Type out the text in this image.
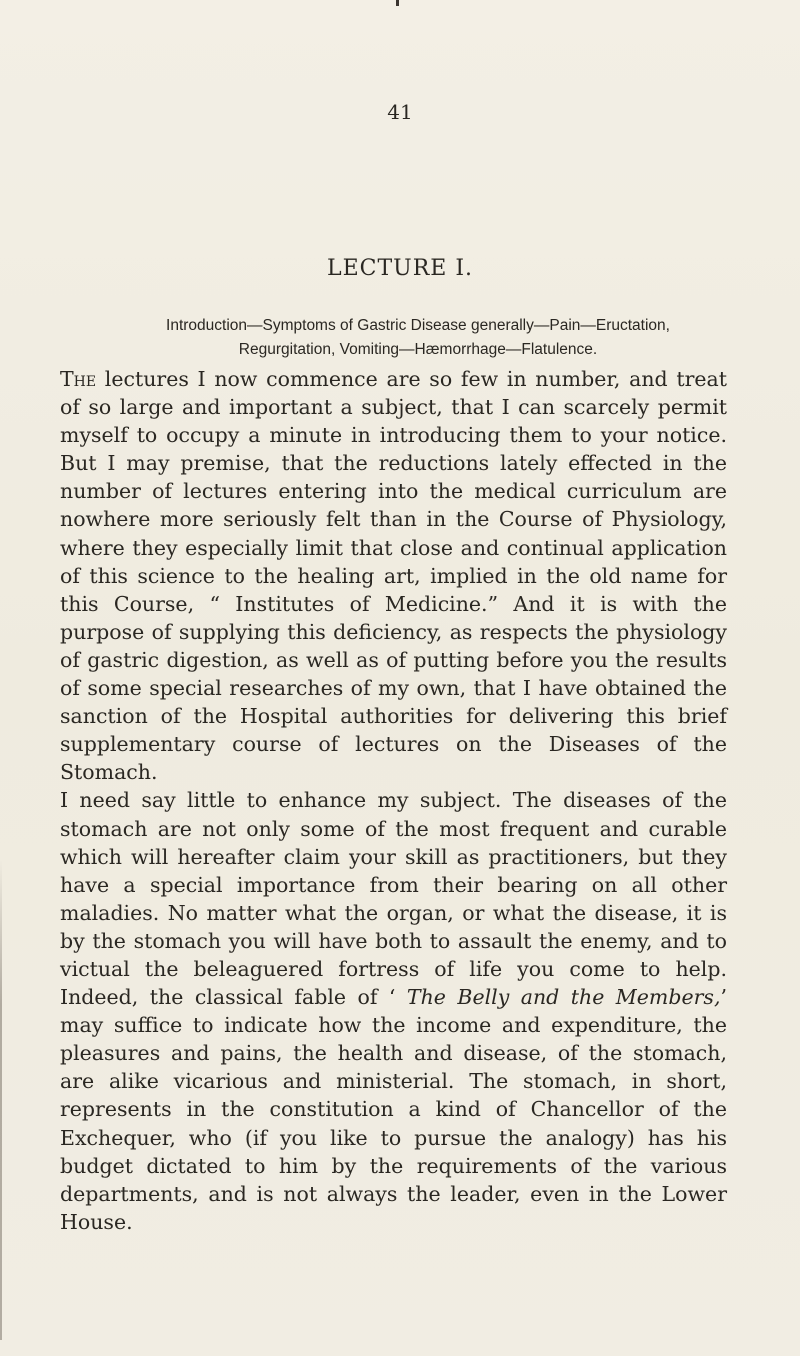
41
LECTURE I.
Introduction—Symptoms of Gastric Disease generally—Pain—Eructation,
Regurgitation, Vomiting—Hæmorrhage—Flatulence.

The lectures I now commence are so few in number, and treat of so large and important a subject, that I can scarcely permit myself to occupy a minute in introducing them to your notice. But I may premise, that the reductions lately effected in the number of lectures entering into the medical curriculum are nowhere more seriously felt than in the Course of Physiology, where they especially limit that close and continual application of this science to the healing art, implied in the old name for this Course, “ Institutes of Medicine.” And it is with the purpose of supplying this deficiency, as respects the physiology of gastric digestion, as well as of putting before you the results of some special researches of my own, that I have obtained the sanction of the Hospital authorities for delivering this brief supplementary course of lectures on the Diseases of the Stomach.

I need say little to enhance my subject. The diseases of the stomach are not only some of the most frequent and curable which will hereafter claim your skill as practitioners, but they have a special importance from their bearing on all other maladies. No matter what the organ, or what the disease, it is by the stomach you will have both to assault the enemy, and to victual the beleaguered fortress of life you come to help. Indeed, the classical fable of ‘ The Belly and the Members,’ may suffice to indicate how the income and expenditure, the pleasures and pains, the health and disease, of the stomach, are alike vicarious and ministerial. The stomach, in short, represents in the constitution a kind of Chancellor of the Exchequer, who (if you like to pursue the analogy) has his budget dictated to him by the requirements of the various departments, and is not always the leader, even in the Lower House.
